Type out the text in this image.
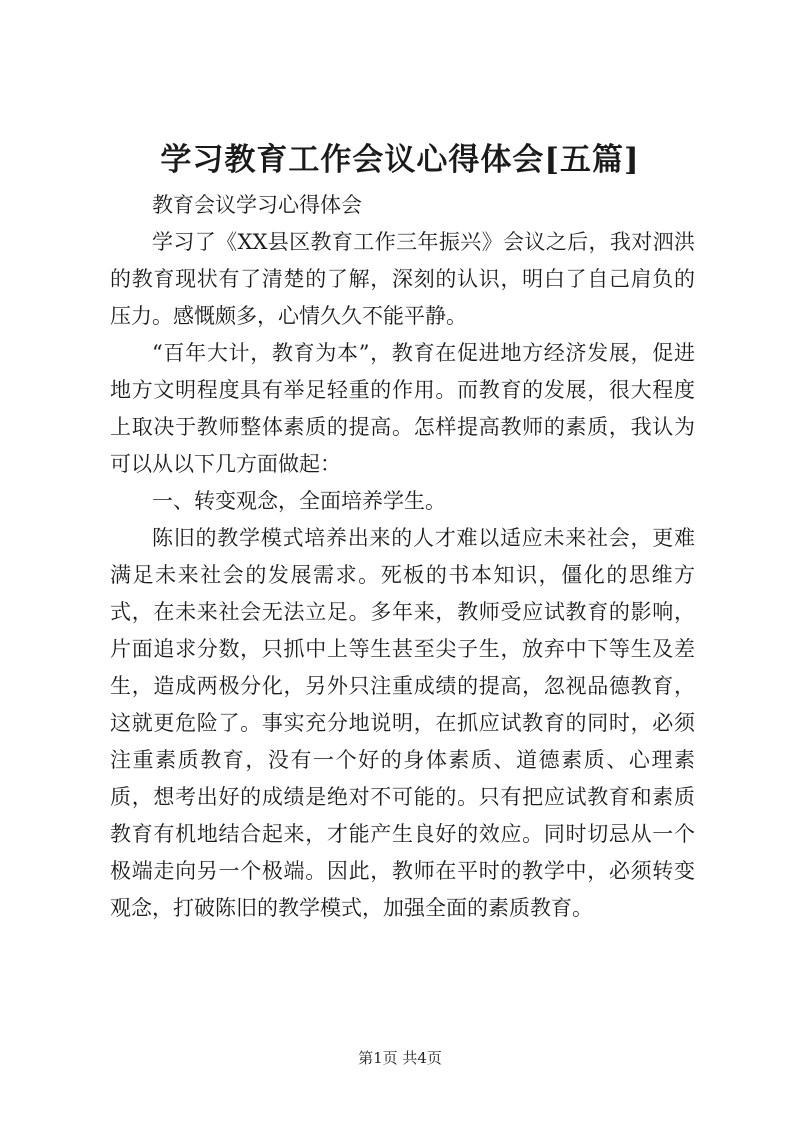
学习教育工作会议心得体会[五篇]

教育会议学习心得体会

学习了《XX县区教育工作三年振兴》会议之后，我对泗洪的教育现状有了清楚的了解，深刻的认识，明白了自己肩负的压力。感慨颇多，心情久久不能平静。

“百年大计，教育为本”，教育在促进地方经济发展，促进地方文明程度具有举足轻重的作用。而教育的发展，很大程度上取决于教师整体素质的提高。怎样提高教师的素质，我认为可以从以下几方面做起：

一、转变观念，全面培养学生。

陈旧的教学模式培养出来的人才难以适应未来社会，更难满足未来社会的发展需求。死板的书本知识，僵化的思维方式，在未来社会无法立足。多年来，教师受应试教育的影响，片面追求分数，只抓中上等生甚至尖子生，放弃中下等生及差生，造成两极分化，另外只注重成绩的提高，忽视品德教育，这就更危险了。事实充分地说明，在抓应试教育的同时，必须注重素质教育，没有一个好的身体素质、道德素质、心理素质，想考出好的成绩是绝对不可能的。只有把应试教育和素质教育有机地结合起来，才能产生良好的效应。同时切忌从一个极端走向另一个极端。因此，教师在平时的教学中，必须转变观念，打破陈旧的教学模式，加强全面的素质教育。

第1页 共4页
